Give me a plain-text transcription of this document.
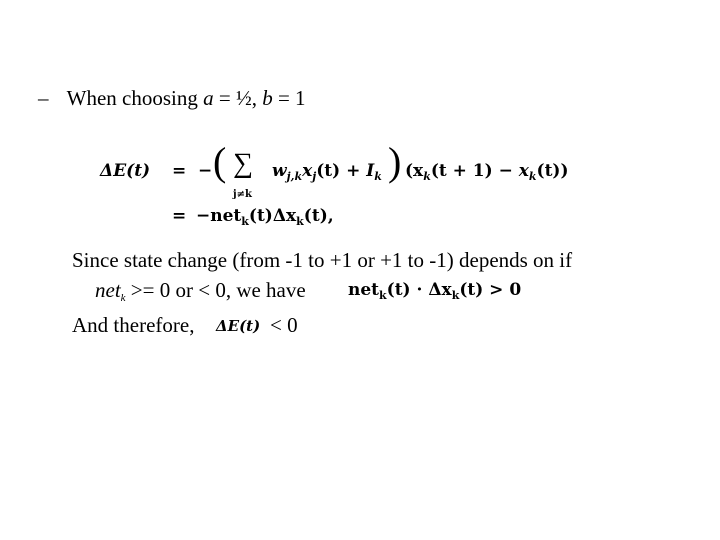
– When choosing a = ½, b = 1
ΔE(t) = − ( ∑
j≠k
$w_{j,k}x_j(t) + I_k$ ) $(x_k(t + 1) - x_k(t))$
= $-net_k(t)\Delta x_k(t)$,
Since state change (from -1 to +1 or +1 to -1) depends on if
net$_k$ >= 0 or < 0, we have $net_k(t) \cdot \Delta x_k(t) > 0$
And therefore, ΔE(t) < 0
